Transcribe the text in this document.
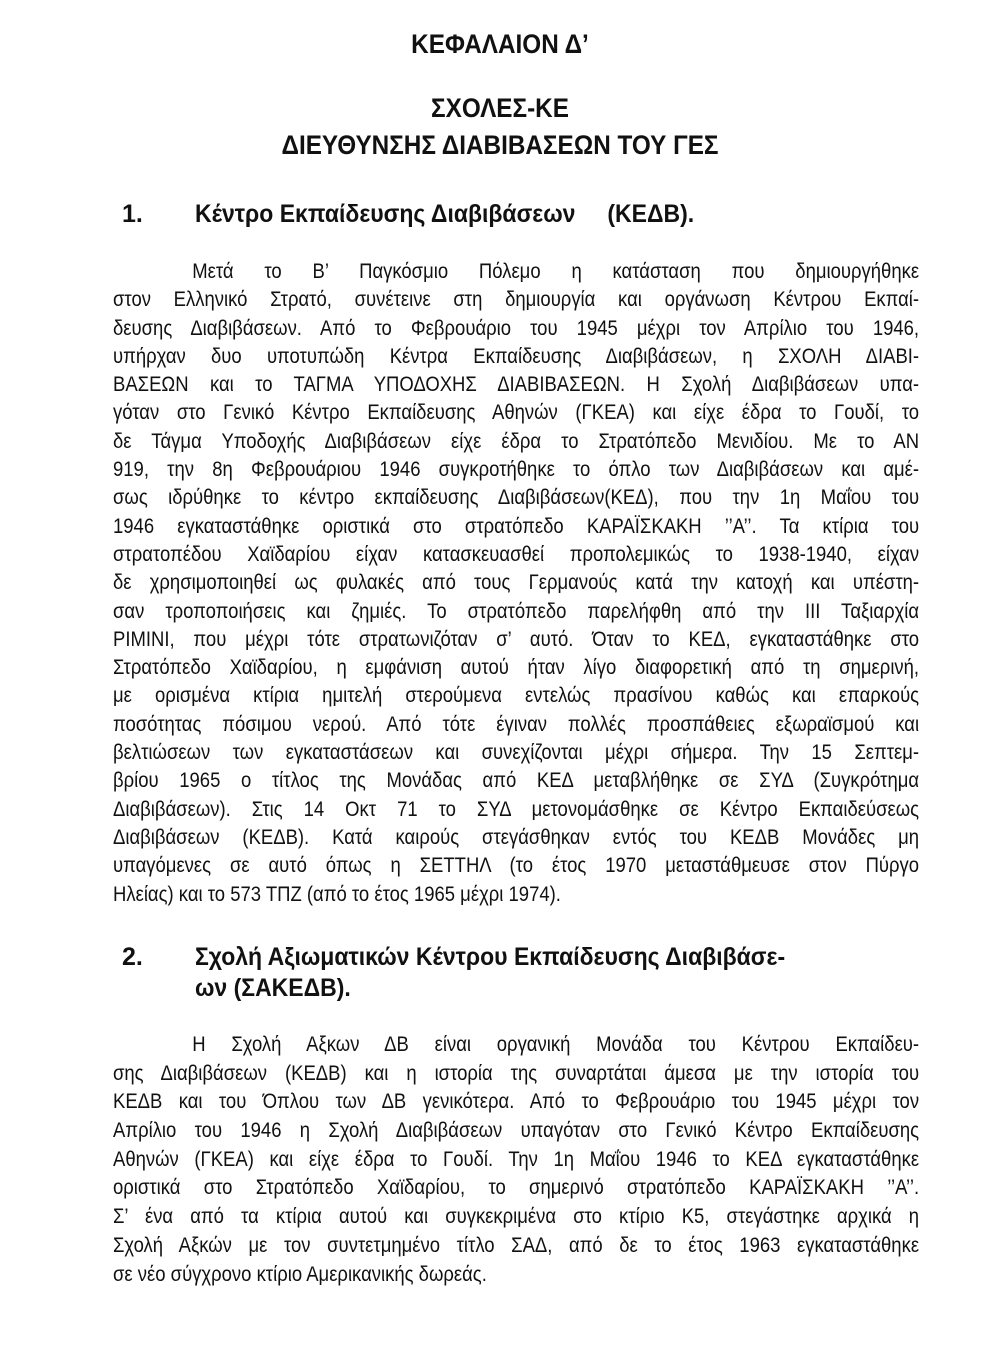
ΚΕΦΑΛΑΙΟΝ Δ’
ΣΧΟΛΕΣ-ΚΕ
ΔΙΕΥΘΥΝΣΗΣ ΔΙΑΒΙΒΑΣΕΩΝ ΤΟΥ ΓΕΣ
1. Κέντρο Εκπαίδευσης Διαβιβάσεων     (ΚΕΔΒ).
Μετά το Β’ Παγκόσμιο Πόλεμο η κατάσταση που δημιουργήθηκε
στον Ελληνικό Στρατό, συνέτεινε στη δημιουργία και οργάνωση Κέντρου Εκπαί-
δευσης Διαβιβάσεων. Από το Φεβρουάριο του 1945 μέχρι τον Απρίλιο του 1946,
υπήρχαν δυο υποτυπώδη Κέντρα Εκπαίδευσης Διαβιβάσεων, η ΣΧΟΛΗ ΔΙΑΒΙ-
ΒΑΣΕΩΝ και το ΤΑΓΜΑ ΥΠΟΔΟΧΗΣ ΔΙΑΒΙΒΑΣΕΩΝ. Η Σχολή Διαβιβάσεων υπα-
γόταν στο Γενικό Κέντρο Εκπαίδευσης Αθηνών (ΓΚΕΑ) και είχε έδρα το Γουδί, το
δε Τάγμα Υποδοχής Διαβιβάσεων είχε έδρα το Στρατόπεδο Μενιδίου. Με το ΑΝ
919, την 8η Φεβρουάριου 1946 συγκροτήθηκε το όπλο των Διαβιβάσεων και αμέ-
σως ιδρύθηκε το κέντρο εκπαίδευσης Διαβιβάσεων(ΚΕΔ), που την 1η Μαΐου του
1946 εγκαταστάθηκε οριστικά στο στρατόπεδο ΚΑΡΑΪΣΚΑΚΗ ’’Α’’. Τα κτίρια του
στρατοπέδου Χαϊδαρίου είχαν κατασκευασθεί προπολεμικώς το 1938-1940, είχαν
δε χρησιμοποιηθεί ως φυλακές από τους Γερμανούς κατά την κατοχή και υπέστη-
σαν τροποποιήσεις και ζημιές. Το στρατόπεδο παρελήφθη από την ΙΙΙ Ταξιαρχία
ΡΙΜΙΝΙ, που μέχρι τότε στρατωνιζόταν σ’ αυτό. Όταν το ΚΕΔ, εγκαταστάθηκε στο
Στρατόπεδο Χαϊδαρίου, η εμφάνιση αυτού ήταν λίγο διαφορετική από τη σημερινή,
με ορισμένα κτίρια ημιτελή στερούμενα εντελώς πρασίνου καθώς και επαρκούς
ποσότητας πόσιμου νερού. Από τότε έγιναν πολλές προσπάθειες εξωραϊσμού και
βελτιώσεων των εγκαταστάσεων και συνεχίζονται μέχρι σήμερα. Την 15 Σεπτεμ-
βρίου 1965 ο τίτλος της Μονάδας από ΚΕΔ μεταβλήθηκε σε ΣΥΔ (Συγκρότημα
Διαβιβάσεων). Στις 14 Οκτ 71 το ΣΥΔ μετονομάσθηκε σε Κέντρο Εκπαιδεύσεως
Διαβιβάσεων (ΚΕΔΒ). Κατά καιρούς στεγάσθηκαν εντός του ΚΕΔΒ Μονάδες μη
υπαγόμενες σε αυτό όπως η ΣΕΤΤΗΛ (το έτος 1970 μεταστάθμευσε στον Πύργο
Ηλείας) και το 573 ΤΠΖ (από το έτος 1965 μέχρι 1974).
2. Σχολή Αξιωματικών Κέντρου Εκπαίδευσης Διαβιβάσε-
ων (ΣΑΚΕΔΒ).
Η Σχολή Αξκων ΔΒ είναι οργανική Μονάδα του Κέντρου Εκπαίδευ-
σης Διαβιβάσεων (ΚΕΔΒ) και η ιστορία της συναρτάται άμεσα με την ιστορία του
ΚΕΔΒ και του Όπλου των ΔΒ γενικότερα. Από το Φεβρουάριο του 1945 μέχρι τον
Απρίλιο του 1946 η Σχολή Διαβιβάσεων υπαγόταν στο Γενικό Κέντρο Εκπαίδευσης
Αθηνών (ΓΚΕΑ) και είχε έδρα το Γουδί. Την 1η Μαΐου 1946 το ΚΕΔ εγκαταστάθηκε
οριστικά στο Στρατόπεδο Χαϊδαρίου, το σημερινό στρατόπεδο ΚΑΡΑΪΣΚΑΚΗ ’’Α’’.
Σ’ ένα από τα κτίρια αυτού και συγκεκριμένα στο κτίριο Κ5, στεγάστηκε αρχικά η
Σχολή Αξκών με τον συντετμημένο τίτλο ΣΑΔ, από δε το έτος 1963 εγκαταστάθηκε
σε νέο σύγχρονο κτίριο Αμερικανικής δωρεάς.
